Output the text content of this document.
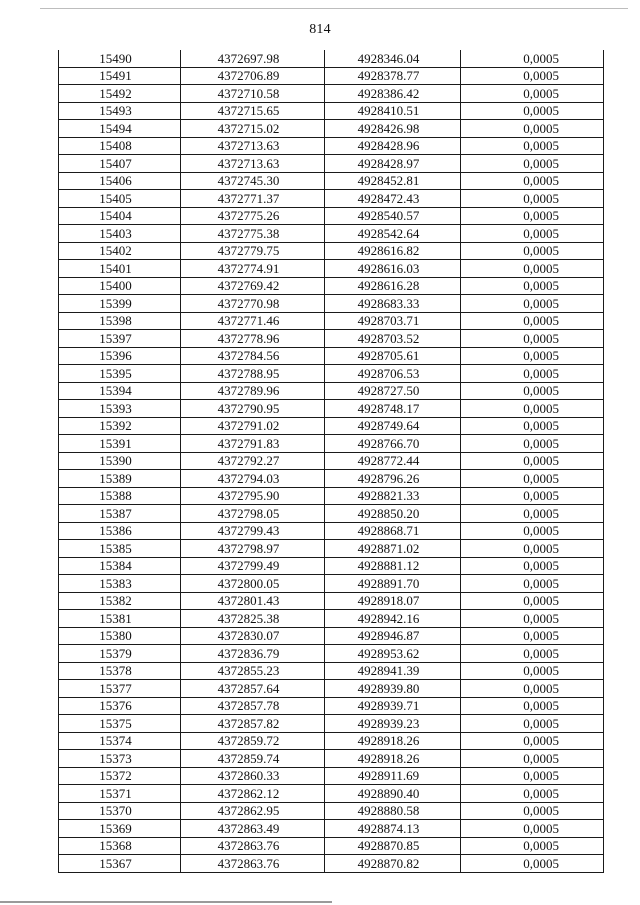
814
15490	4372697.98	4928346.04	0,0005
15491	4372706.89	4928378.77	0,0005
15492	4372710.58	4928386.42	0,0005
15493	4372715.65	4928410.51	0,0005
15494	4372715.02	4928426.98	0,0005
15408	4372713.63	4928428.96	0,0005
15407	4372713.63	4928428.97	0,0005
15406	4372745.30	4928452.81	0,0005
15405	4372771.37	4928472.43	0,0005
15404	4372775.26	4928540.57	0,0005
15403	4372775.38	4928542.64	0,0005
15402	4372779.75	4928616.82	0,0005
15401	4372774.91	4928616.03	0,0005
15400	4372769.42	4928616.28	0,0005
15399	4372770.98	4928683.33	0,0005
15398	4372771.46	4928703.71	0,0005
15397	4372778.96	4928703.52	0,0005
15396	4372784.56	4928705.61	0,0005
15395	4372788.95	4928706.53	0,0005
15394	4372789.96	4928727.50	0,0005
15393	4372790.95	4928748.17	0,0005
15392	4372791.02	4928749.64	0,0005
15391	4372791.83	4928766.70	0,0005
15390	4372792.27	4928772.44	0,0005
15389	4372794.03	4928796.26	0,0005
15388	4372795.90	4928821.33	0,0005
15387	4372798.05	4928850.20	0,0005
15386	4372799.43	4928868.71	0,0005
15385	4372798.97	4928871.02	0,0005
15384	4372799.49	4928881.12	0,0005
15383	4372800.05	4928891.70	0,0005
15382	4372801.43	4928918.07	0,0005
15381	4372825.38	4928942.16	0,0005
15380	4372830.07	4928946.87	0,0005
15379	4372836.79	4928953.62	0,0005
15378	4372855.23	4928941.39	0,0005
15377	4372857.64	4928939.80	0,0005
15376	4372857.78	4928939.71	0,0005
15375	4372857.82	4928939.23	0,0005
15374	4372859.72	4928918.26	0,0005
15373	4372859.74	4928918.26	0,0005
15372	4372860.33	4928911.69	0,0005
15371	4372862.12	4928890.40	0,0005
15370	4372862.95	4928880.58	0,0005
15369	4372863.49	4928874.13	0,0005
15368	4372863.76	4928870.85	0,0005
15367	4372863.76	4928870.82	0,0005
